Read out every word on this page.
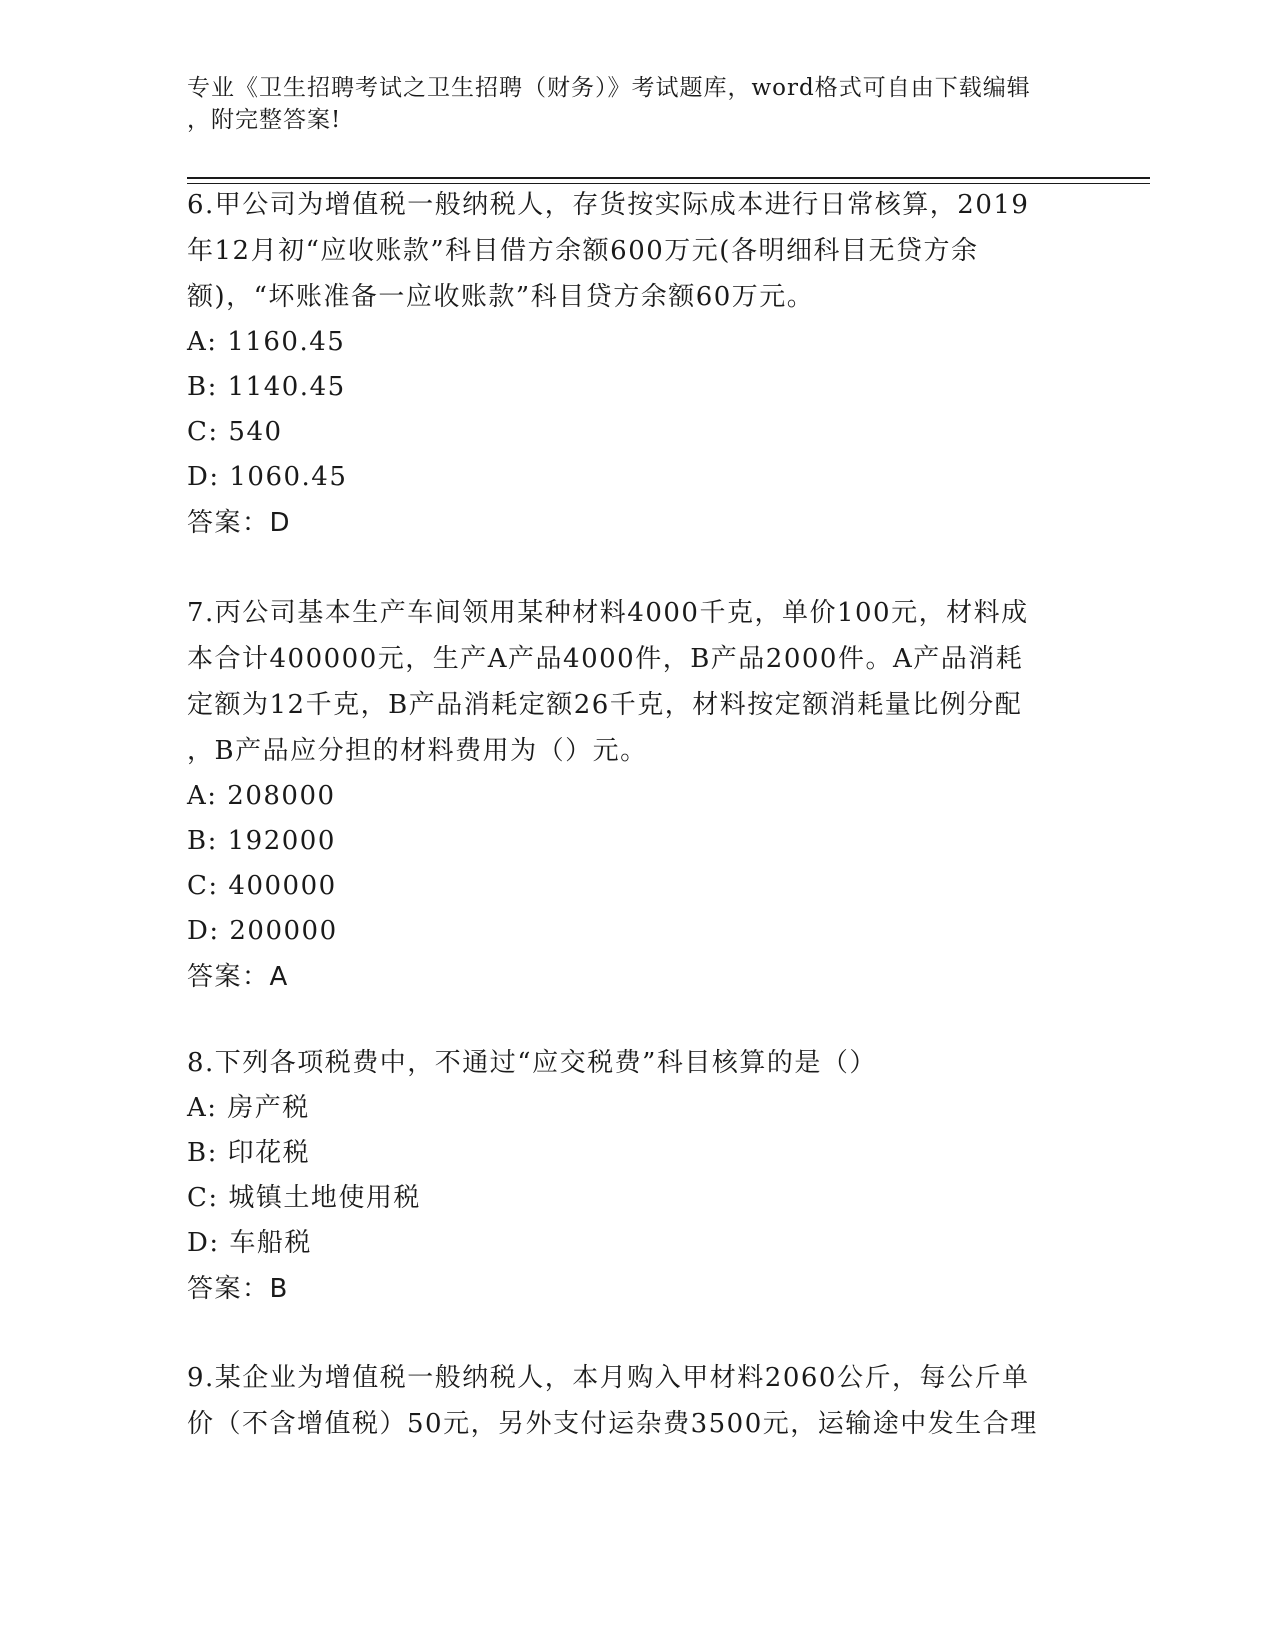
专业《卫生招聘考试之卫生招聘（财务）》考试题库，word格式可自由下载编辑

，附完整答案!

6.甲公司为增值税一般纳税人，存货按实际成本进行日常核算，2019

年12月初“应收账款”科目借方余额600万元(各明细科目无贷方余

额)，“坏账准备一应收账款”科目贷方余额60万元。

A: 1160.45

B: 1140.45

C: 540

D: 1060.45

答案：D

7.丙公司基本生产车间领用某种材料4000千克，单价100元，材料成

本合计400000元，生产A产品4000件，B产品2000件。A产品消耗

定额为12千克，B产品消耗定额26千克，材料按定额消耗量比例分配

，B产品应分担的材料费用为（）元。

A: 208000

B: 192000

C: 400000

D: 200000

答案：A

8.下列各项税费中，不通过“应交税费”科目核算的是（）

A: 房产税

B: 印花税

C: 城镇土地使用税

D: 车船税

答案：B

9.某企业为增值税一般纳税人，本月购入甲材料2060公斤，每公斤单

价（不含增值税）50元，另外支付运杂费3500元，运输途中发生合理
